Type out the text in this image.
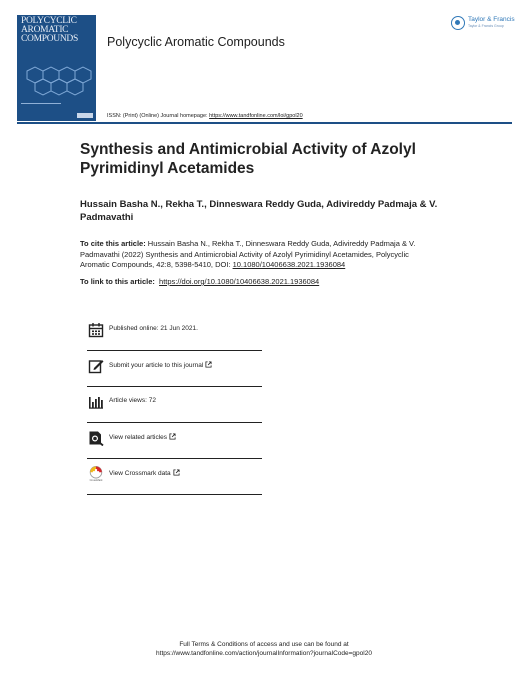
POLYCYCLIC
AROMATIC
COMPOUNDS	Polycyclic Aromatic Compounds
Taylor & Francis
Taylor & Francis Group
ISSN: (Print) (Online) Journal homepage: https://www.tandfonline.com/loi/gpol20
Synthesis and Antimicrobial Activity of Azolyl Pyrimidinyl Acetamides
Hussain Basha N., Rekha T., Dinneswara Reddy Guda, Adivireddy Padmaja & V. Padmavathi
To cite this article: Hussain Basha N., Rekha T., Dinneswara Reddy Guda, Adivireddy Padmaja & V. Padmavathi (2022) Synthesis and Antimicrobial Activity of Azolyl Pyrimidinyl Acetamides, Polycyclic Aromatic Compounds, 42:8, 5398-5410, DOI: 10.1080/10406638.2021.1936084
To link to this article: https://doi.org/10.1080/10406638.2021.1936084
Published online: 21 Jun 2021.
Submit your article to this journal
Article views: 72
View related articles
CrossMark
View Crossmark data
Full Terms & Conditions of access and use can be found at
https://www.tandfonline.com/action/journalInformation?journalCode=gpol20
